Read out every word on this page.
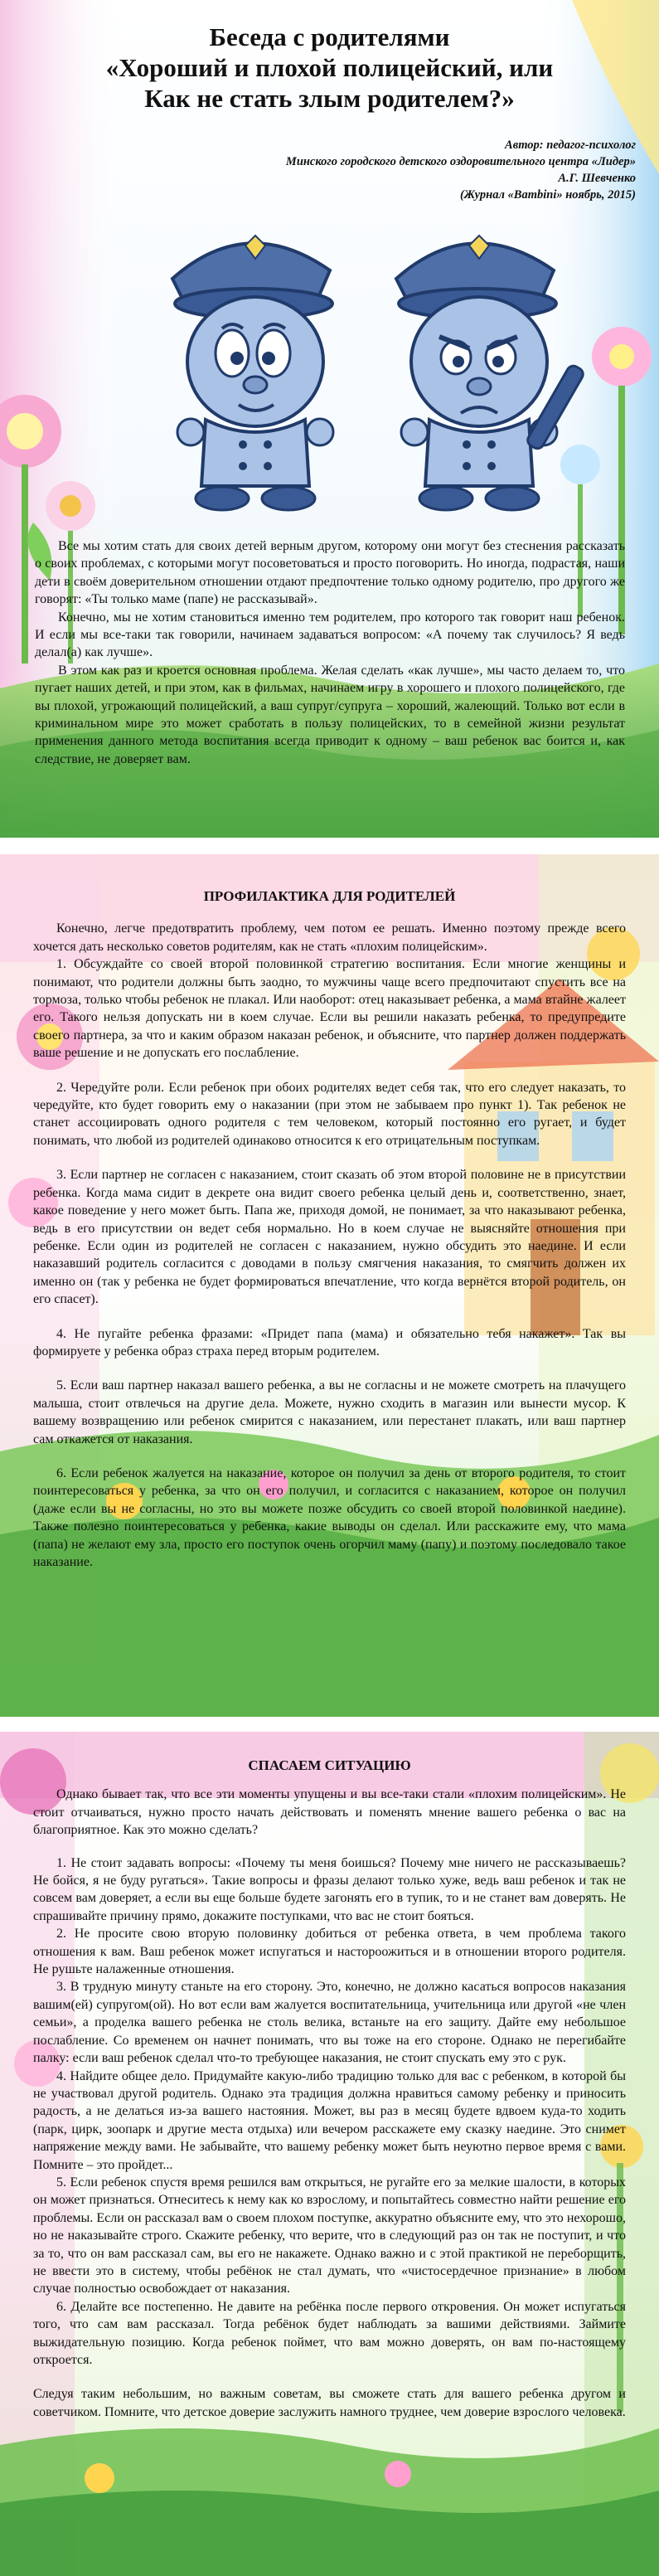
Беседа с родителями
«Хороший и плохой полицейский, или
Как не стать злым родителем?»
Автор: педагог-психолог
Минского городского детского оздоровительного центра «Лидер»
А.Г. Шевченко
(Журнал «Bambini» ноябрь, 2015)

Все мы хотим стать для своих детей верным другом, которому они могут без стеснения рассказать о своих проблемах, с которыми могут посоветоваться и просто поговорить. Но иногда, подрастая, наши дети в своём доверительном отношении отдают предпочтение только одному родителю, про другого же говорят: «Ты только маме (папе) не рассказывай».

Конечно, мы не хотим становиться именно тем родителем, про которого так говорит наш ребенок. И если мы все-таки так говорили, начинаем задаваться вопросом: «А почему так случилось? Я ведь делал(а) как лучше».

В этом как раз и кроется основная проблема. Желая сделать «как лучше», мы часто делаем то, что пугает наших детей, и при этом, как в фильмах, начинаем игру в хорошего и плохого полицейского, где вы плохой, угрожающий полицейский, а ваш супруг/супруга – хороший, жалеющий. Только вот если в криминальном мире это может сработать в пользу полицейских, то в семейной жизни результат применения данного метода воспитания всегда приводит к одному – ваш ребенок вас боится и, как следствие, не доверяет вам.

ПРОФИЛАКТИКА ДЛЯ РОДИТЕЛЕЙ

Конечно, легче предотвратить проблему, чем потом ее решать. Именно поэтому прежде всего хочется дать несколько советов родителям, как не стать «плохим полицейским».

1. Обсуждайте со своей второй половинкой стратегию воспитания. Если многие женщины и понимают, что родители должны быть заодно, то мужчины чаще всего предпочитают спустить все на тормоза, только чтобы ребенок не плакал. Или наоборот: отец наказывает ребенка, а мама втайне жалеет его. Такого нельзя допускать ни в коем случае. Если вы решили наказать ребенка, то предупредите своего партнера, за что и каким образом наказан ребенок, и объясните, что партнер должен поддержать ваше решение и не допускать его послабление.

2. Чередуйте роли. Если ребенок при обоих родителях ведет себя так, что его следует наказать, то чередуйте, кто будет говорить ему о наказании (при этом не забываем про пункт 1). Так ребенок не станет ассоциировать одного родителя с тем человеком, который постоянно его ругает, и будет понимать, что любой из родителей одинаково относится к его отрицательным поступкам.

3. Если партнер не согласен с наказанием, стоит сказать об этом второй половине не в присутствии ребенка. Когда мама сидит в декрете она видит своего ребенка целый день и, соответственно, знает, какое поведение у него может быть. Папа же, приходя домой, не понимает, за что наказывают ребенка, ведь в его присутствии он ведет себя нормально. Но в коем случае не выясняйте отношения при ребенке. Если один из родителей не согласен с наказанием, нужно обсудить это наедине. И если наказавший родитель согласится с доводами в пользу смягчения наказания, то смягчить должен их именно он (так у ребенка не будет формироваться впечатление, что когда вернётся второй родитель, он его спасет).

4. Не пугайте ребенка фразами: «Придет папа (мама) и обязательно тебя накажет». Так вы формируете у ребенка образ страха перед вторым родителем.

5. Если ваш партнер наказал вашего ребенка, а вы не согласны и не можете смотреть на плачущего малыша, стоит отвлечься на другие дела. Можете, нужно сходить в магазин или вынести мусор. К вашему возвращению или ребенок смирится с наказанием, или перестанет плакать, или ваш партнер сам откажется от наказания.

6. Если ребенок жалуется на наказание, которое он получил за день от второго родителя, то стоит поинтересоваться у ребенка, за что он его получил, и согласится с наказанием, которое он получил (даже если вы не согласны, но это вы можете позже обсудить со своей второй половинкой наедине). Также полезно поинтересоваться у ребенка, какие выводы он сделал. Или расскажите ему, что мама (папа) не желают ему зла, просто его поступок очень огорчил маму (папу) и поэтому последовало такое наказание.

СПАСАЕМ СИТУАЦИЮ

Однако бывает так, что все эти моменты упущены и вы все-таки стали «плохим полицейским». Не стоит отчаиваться, нужно просто начать действовать и поменять мнение вашего ребенка о вас на благоприятное. Как это можно сделать?

1. Не стоит задавать вопросы: «Почему ты меня боишься? Почему мне ничего не рассказываешь? Не бойся, я не буду ругаться». Такие вопросы и фразы делают только хуже, ведь ваш ребенок и так не совсем вам доверяет, а если вы еще больше будете загонять его в тупик, то и не станет вам доверять. Не спрашивайте причину прямо, докажите поступками, что вас не стоит бояться.

2. Не просите свою вторую половинку добиться от ребенка ответа, в чем проблема такого отношения к вам. Ваш ребенок может испугаться и настороожиться и в отношении второго родителя. Не рушьте налаженные отношения.

3. В трудную минуту станьте на его сторону. Это, конечно, не должно касаться вопросов наказания вашим(ей) супругом(ой). Но вот если вам жалуется воспитательница, учительница или другой «не член семьи», а проделка вашего ребенка не столь велика, встаньте на его защиту. Дайте ему небольшое послабление. Со временем он начнет понимать, что вы тоже на его стороне. Однако не перегибайте палку: если ваш ребенок сделал что-то требующее наказания, не стоит спускать ему это с рук.

4. Найдите общее дело. Придумайте какую-либо традицию только для вас с ребенком, в которой бы не участвовал другой родитель. Однако эта традиция должна нравиться самому ребенку и приносить радость, а не делаться из-за вашего настояния. Может, вы раз в месяц будете вдвоем куда-то ходить (парк, цирк, зоопарк и другие места отдыха) или вечером расскажете ему сказку наедине. Это снимет напряжение между вами. Не забывайте, что вашему ребенку может быть неуютно первое время с вами. Помните – это пройдет...

5. Если ребенок спустя время решился вам открыться, не ругайте его за мелкие шалости, в которых он может признаться. Отнеситесь к нему как ко взрослому, и попытайтесь совместно найти решение его проблемы. Если он рассказал вам о своем плохом поступке, аккуратно объясните ему, что это нехорошо, но не наказывайте строго. Скажите ребенку, что верите, что в следующий раз он так не поступит, и что за то, что он вам рассказал сам, вы его не накажете. Однако важно и с этой практикой не переборщить, не ввести это в систему, чтобы ребёнок не стал думать, что «чистосердечное признание» в любом случае полностью освобождает от наказания.

6. Делайте все постепенно. Не давите на ребёнка после первого откровения. Он может испугаться того, что сам вам рассказал. Тогда ребёнок будет наблюдать за вашими действиями. Займите выжидательную позицию. Когда ребенок поймет, что вам можно доверять, он вам по-настоящему откроется.

Следуя таким небольшим, но важным советам, вы сможете стать для вашего ребенка другом и советчиком. Помните, что детское доверие заслужить намного труднее, чем доверие взрослого человека.
